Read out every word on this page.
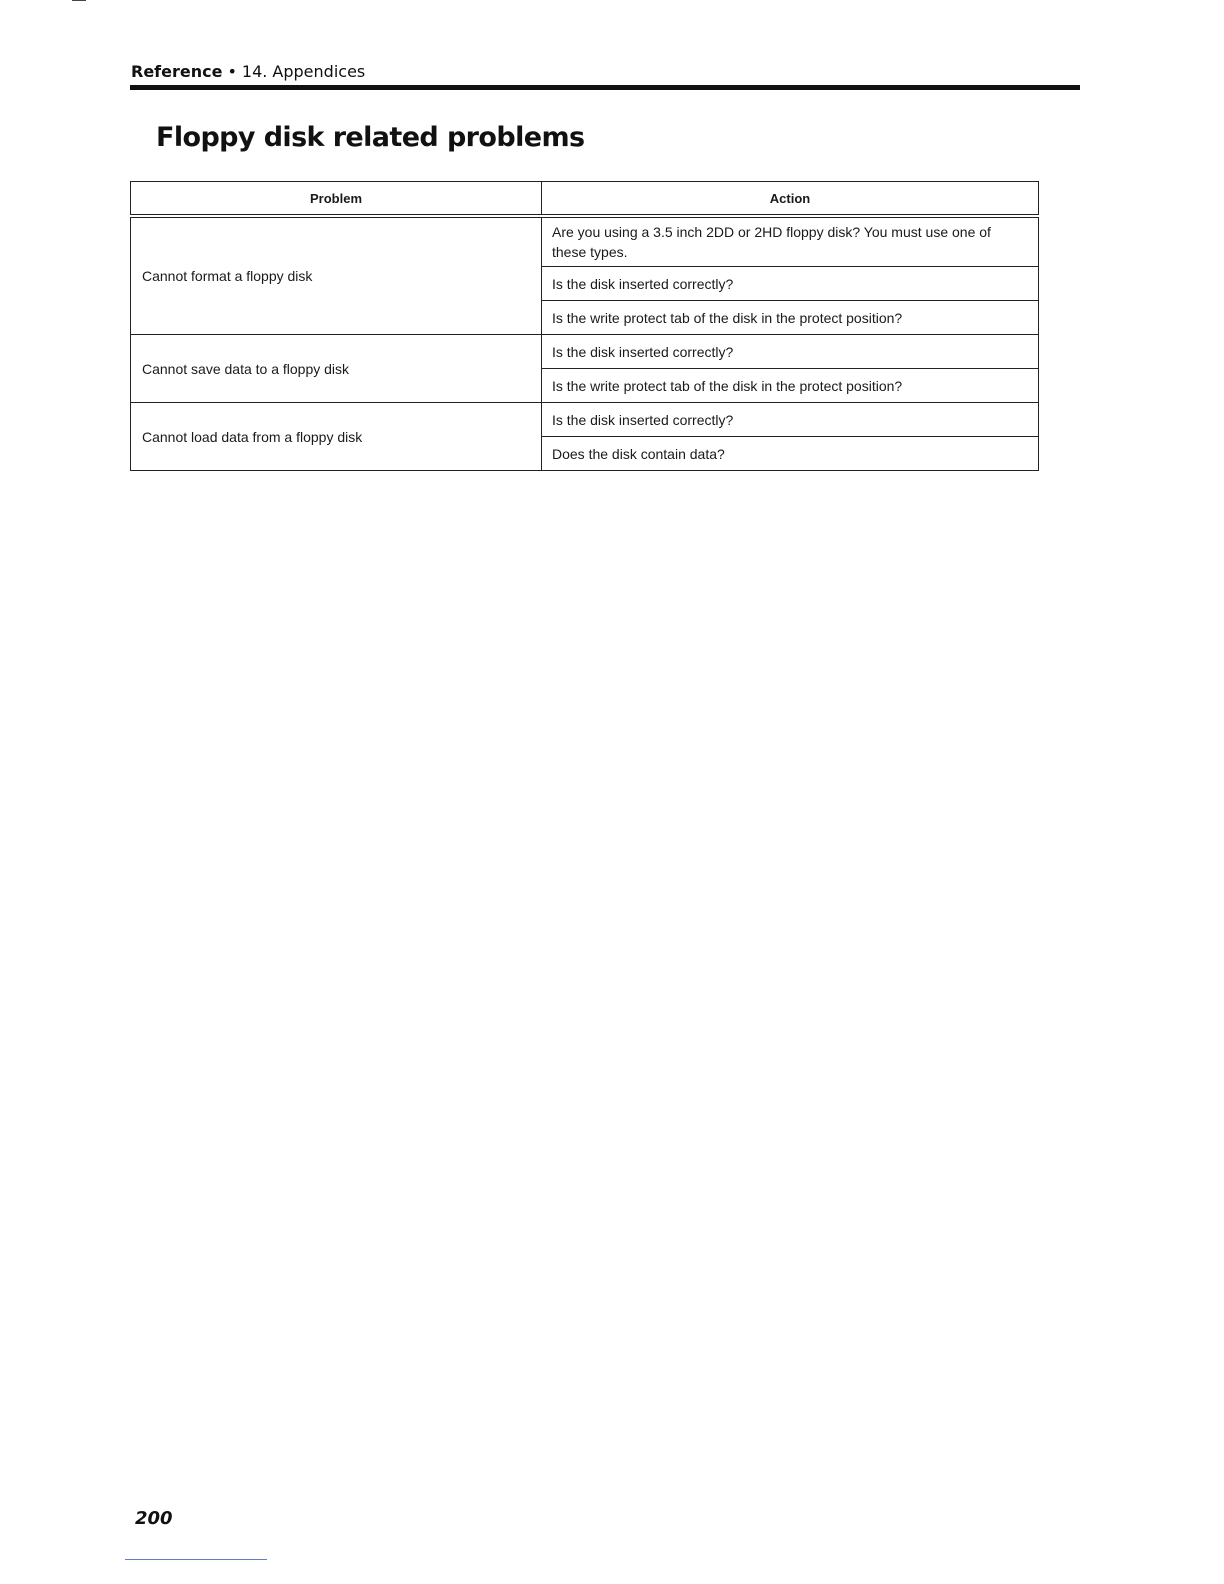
Reference • 14. Appendices
Floppy disk related problems
Problem	Action
Cannot format a floppy disk	Are you using a 3.5 inch 2DD or 2HD floppy disk? You must use one of these types.
	Is the disk inserted correctly?
	Is the write protect tab of the disk in the protect position?
Cannot save data to a floppy disk	Is the disk inserted correctly?
	Is the write protect tab of the disk in the protect position?
Cannot load data from a floppy disk	Is the disk inserted correctly?
	Does the disk contain data?
200
